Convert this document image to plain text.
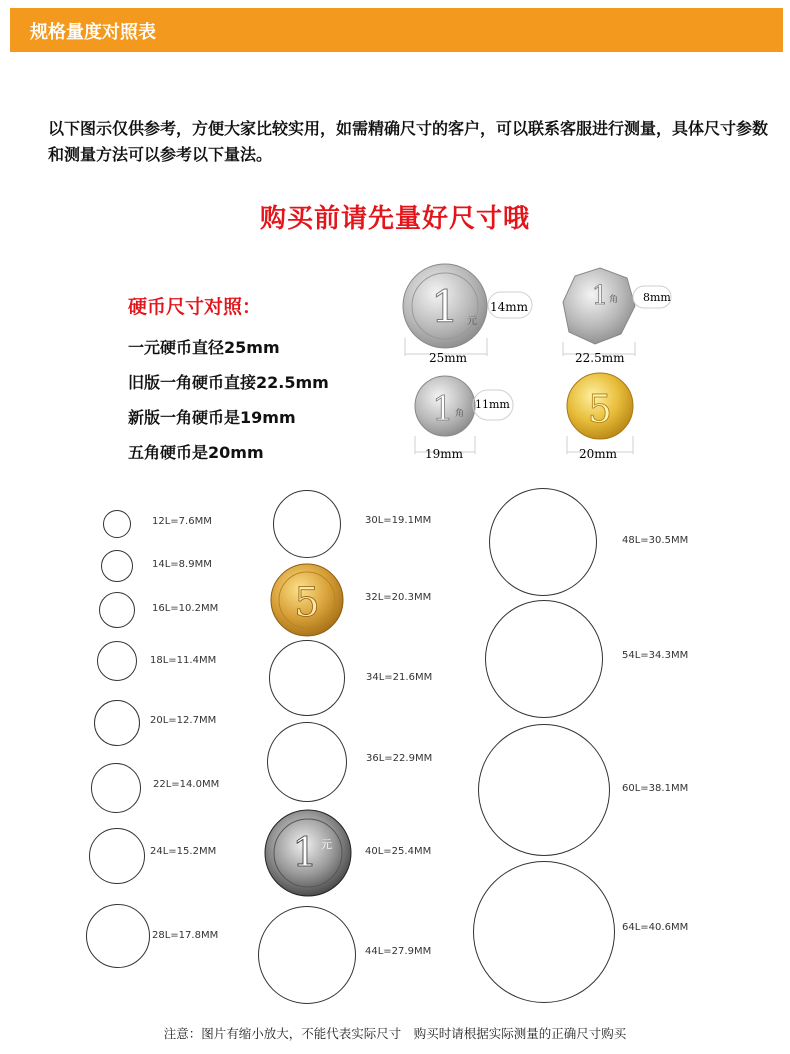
规格量度对照表
以下图示仅供参考，方便大家比较实用，如需精确尺寸的客户，可以联系客服进行测量，具体尺寸参数和测量方法可以参考以下量法。
购买前请先量好尺寸哦
硬币尺寸对照：
一元硬币直径25mm
旧版一角硬币直接22.5mm
新版一角硬币是19mm
五角硬币是20mm
1 元
14mm
25mm
1 角 8mm
22.5mm
1 角
11mm
19mm
5
20mm
12L=7.6MM
14L=8.9MM
16L=10.2MM
18L=11.4MM
20L=12.7MM
22L=14.0MM
24L=15.2MM
28L=17.8MM
30L=19.1MM
5	32L=20.3MM
34L=21.6MM
36L=22.9MM
1 元
40L=25.4MM
44L=27.9MM
48L=30.5MM
54L=34.3MM
60L=38.1MM
64L=40.6MM
注意：图片有缩小放大，不能代表实际尺寸　购买时请根据实际测量的正确尺寸购买
